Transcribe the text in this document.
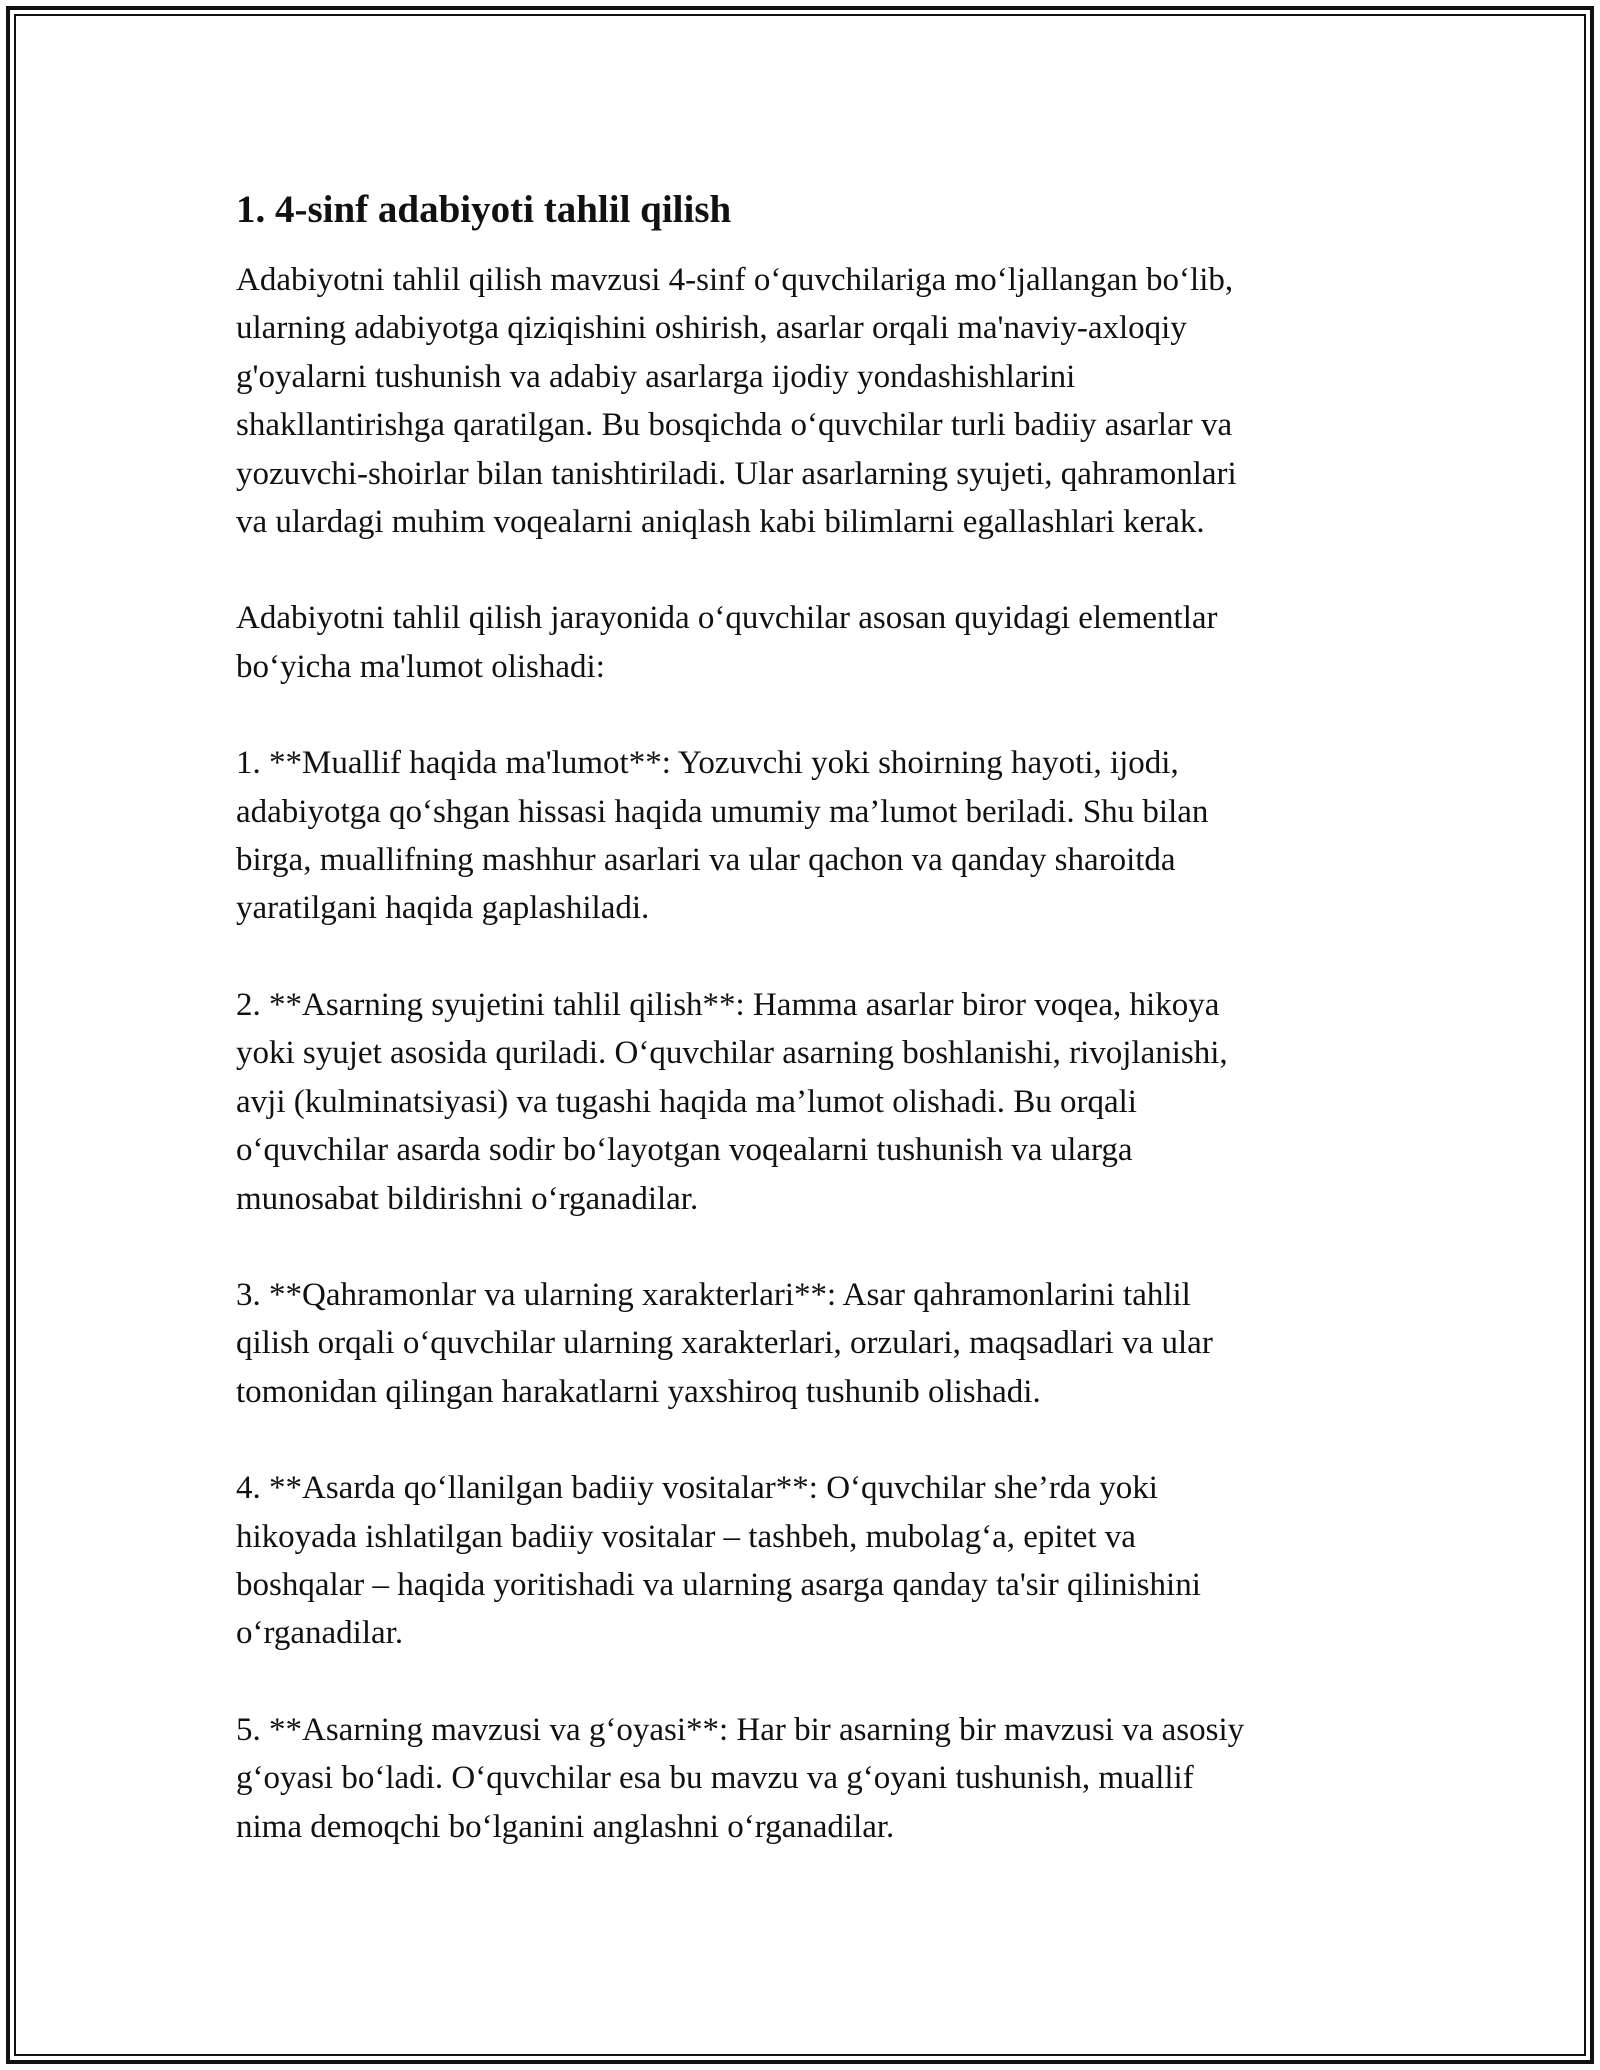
1. 4-sinf adabiyoti tahlil qilish

Adabiyotni tahlil qilish mavzusi 4-sinf o‘quvchilariga mo‘ljallangan bo‘lib,
ularning adabiyotga qiziqishini oshirish, asarlar orqali ma'naviy-axloqiy
g'oyalarni tushunish va adabiy asarlarga ijodiy yondashishlarini
shakllantirishga qaratilgan. Bu bosqichda o‘quvchilar turli badiiy asarlar va
yozuvchi-shoirlar bilan tanishtiriladi. Ular asarlarning syujeti, qahramonlari
va ulardagi muhim voqealarni aniqlash kabi bilimlarni egallashlari kerak.

Adabiyotni tahlil qilish jarayonida o‘quvchilar asosan quyidagi elementlar
bo‘yicha ma'lumot olishadi:

1. **Muallif haqida ma'lumot**: Yozuvchi yoki shoirning hayoti, ijodi,
adabiyotga qo‘shgan hissasi haqida umumiy ma’lumot beriladi. Shu bilan
birga, muallifning mashhur asarlari va ular qachon va qanday sharoitda
yaratilgani haqida gaplashiladi.

2. **Asarning syujetini tahlil qilish**: Hamma asarlar biror voqea, hikoya
yoki syujet asosida quriladi. O‘quvchilar asarning boshlanishi, rivojlanishi,
avji (kulminatsiyasi) va tugashi haqida ma’lumot olishadi. Bu orqali
o‘quvchilar asarda sodir bo‘layotgan voqealarni tushunish va ularga
munosabat bildirishni o‘rganadilar.

3. **Qahramonlar va ularning xarakterlari**: Asar qahramonlarini tahlil
qilish orqali o‘quvchilar ularning xarakterlari, orzulari, maqsadlari va ular
tomonidan qilingan harakatlarni yaxshiroq tushunib olishadi.

4. **Asarda qo‘llanilgan badiiy vositalar**: O‘quvchilar she’rda yoki
hikoyada ishlatilgan badiiy vositalar – tashbeh, mubolag‘a, epitet va
boshqalar – haqida yoritishadi va ularning asarga qanday ta'sir qilinishini
o‘rganadilar.

5. **Asarning mavzusi va g‘oyasi**: Har bir asarning bir mavzusi va asosiy
g‘oyasi bo‘ladi. O‘quvchilar esa bu mavzu va g‘oyani tushunish, muallif
nima demoqchi bo‘lganini anglashni o‘rganadilar.
